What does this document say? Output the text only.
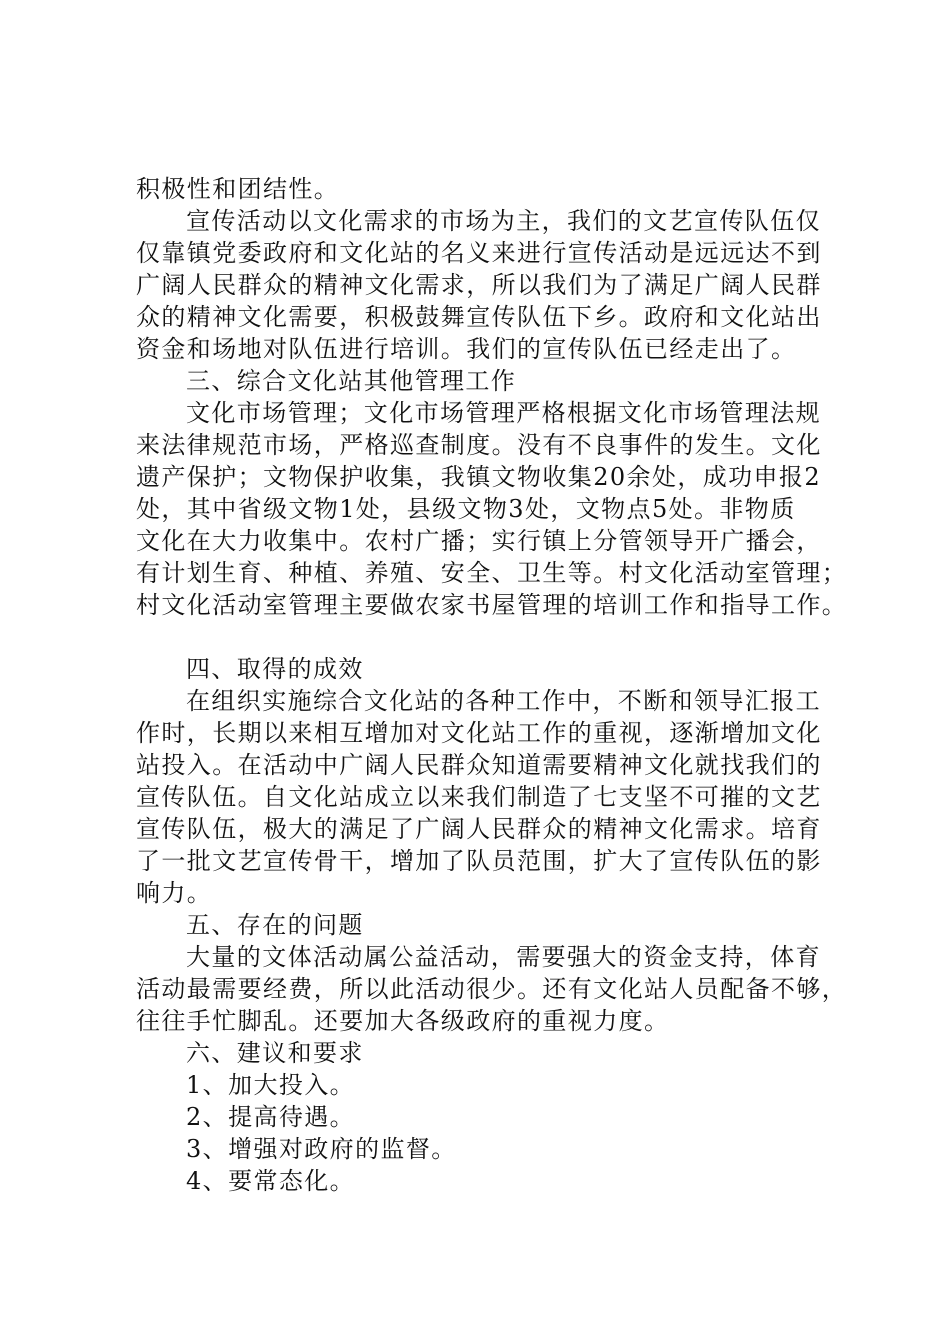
积极性和团结性。
宣传活动以文化需求的市场为主，我们的文艺宣传队伍仅
仅靠镇党委政府和文化站的名义来进行宣传活动是远远达不到
广阔人民群众的精神文化需求，所以我们为了满足广阔人民群
众的精神文化需要，积极鼓舞宣传队伍下乡。政府和文化站出
资金和场地对队伍进行培训。我们的宣传队伍已经走出了。
三、综合文化站其他管理工作
文化市场管理；文化市场管理严格根据文化市场管理法规
来法律规范市场，严格巡查制度。没有不良事件的发生。文化
遗产保护；文物保护收集，我镇文物收集20余处，成功申报2
处，其中省级文物1处，县级文物3处，文物点5处。非物质
文化在大力收集中。农村广播；实行镇上分管领导开广播会，
有计划生育、种植、养殖、安全、卫生等。村文化活动室管理；
村文化活动室管理主要做农家书屋管理的培训工作和指导工作。
四、取得的成效
在组织实施综合文化站的各种工作中，不断和领导汇报工
作时，长期以来相互增加对文化站工作的重视，逐渐增加文化
站投入。在活动中广阔人民群众知道需要精神文化就找我们的
宣传队伍。自文化站成立以来我们制造了七支坚不可摧的文艺
宣传队伍，极大的满足了广阔人民群众的精神文化需求。培育
了一批文艺宣传骨干，增加了队员范围，扩大了宣传队伍的影
响力。
五、存在的问题
大量的文体活动属公益活动，需要强大的资金支持，体育
活动最需要经费，所以此活动很少。还有文化站人员配备不够，
往往手忙脚乱。还要加大各级政府的重视力度。
六、建议和要求
1、加大投入。
2、提高待遇。
3、增强对政府的监督。
4、要常态化。
